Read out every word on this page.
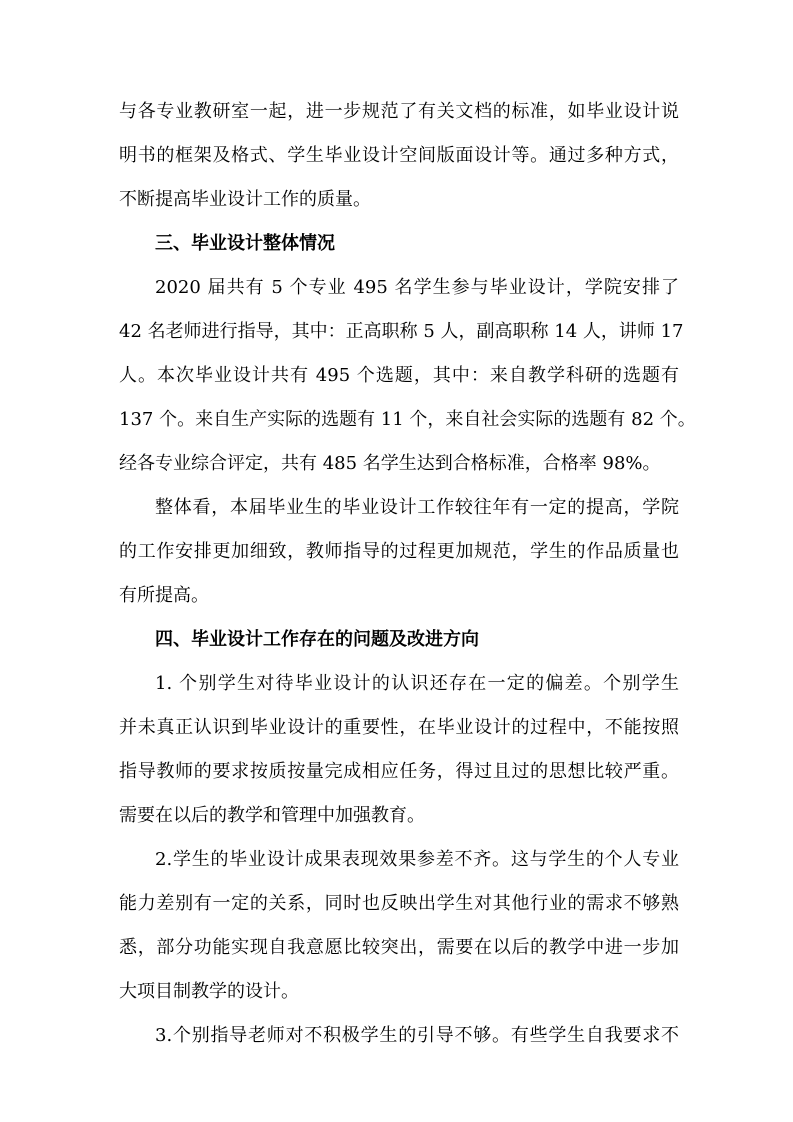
与各专业教研室一起，进一步规范了有关文档的标准，如毕业设计说
明书的框架及格式、学生毕业设计空间版面设计等。通过多种方式，
不断提高毕业设计工作的质量。
三、毕业设计整体情况
2020 届共有 5 个专业 495 名学生参与毕业设计，学院安排了
42 名老师进行指导，其中：正高职称 5 人，副高职称 14 人，讲师 17
人。本次毕业设计共有 495 个选题，其中：来自教学科研的选题有
137 个。来自生产实际的选题有 11 个，来自社会实际的选题有 82 个。
经各专业综合评定，共有 485 名学生达到合格标准，合格率 98%。
整体看，本届毕业生的毕业设计工作较往年有一定的提高，学院
的工作安排更加细致，教师指导的过程更加规范，学生的作品质量也
有所提高。
四、毕业设计工作存在的问题及改进方向
1. 个别学生对待毕业设计的认识还存在一定的偏差。个别学生
并未真正认识到毕业设计的重要性，在毕业设计的过程中，不能按照
指导教师的要求按质按量完成相应任务，得过且过的思想比较严重。
需要在以后的教学和管理中加强教育。
2.学生的毕业设计成果表现效果参差不齐。这与学生的个人专业
能力差别有一定的关系，同时也反映出学生对其他行业的需求不够熟
悉，部分功能实现自我意愿比较突出，需要在以后的教学中进一步加
大项目制教学的设计。
3.个别指导老师对不积极学生的引导不够。有些学生自我要求不
